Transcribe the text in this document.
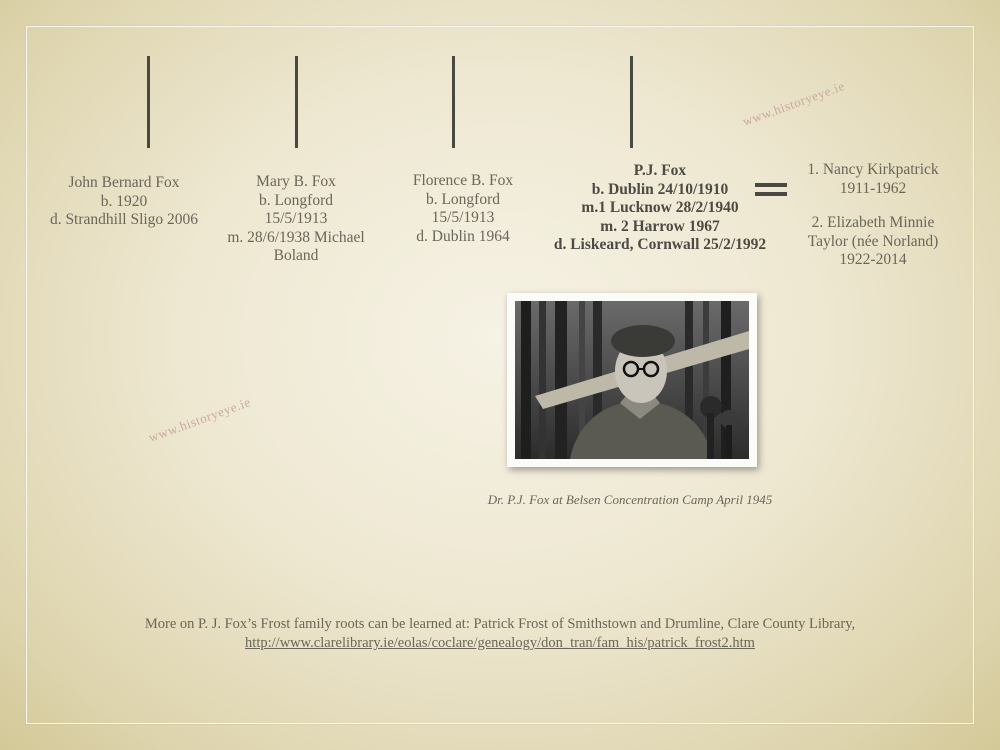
John Bernard Fox
b. 1920
d. Strandhill Sligo 2006
Mary B. Fox
b. Longford
15/5/1913
m. 28/6/1938 Michael
Boland
Florence B. Fox
b. Longford
15/5/1913
d. Dublin 1964
P.J. Fox
b. Dublin 24/10/1910
m.1 Lucknow 28/2/1940
m. 2 Harrow 1967
d. Liskeard, Cornwall 25/2/1992
1. Nancy Kirkpatrick
1911-1962
2. Elizabeth Minnie
Taylor (née Norland)
1922-2014
www.historyeye.ie
www.historyeye.ie
Dr. P.J. Fox at Belsen Concentration Camp April 1945
More on P. J. Fox’s Frost family roots can be learned at: Patrick Frost of Smithstown and Drumline, Clare County Library,
http://www.clarelibrary.ie/eolas/coclare/genealogy/don_tran/fam_his/patrick_frost2.htm
